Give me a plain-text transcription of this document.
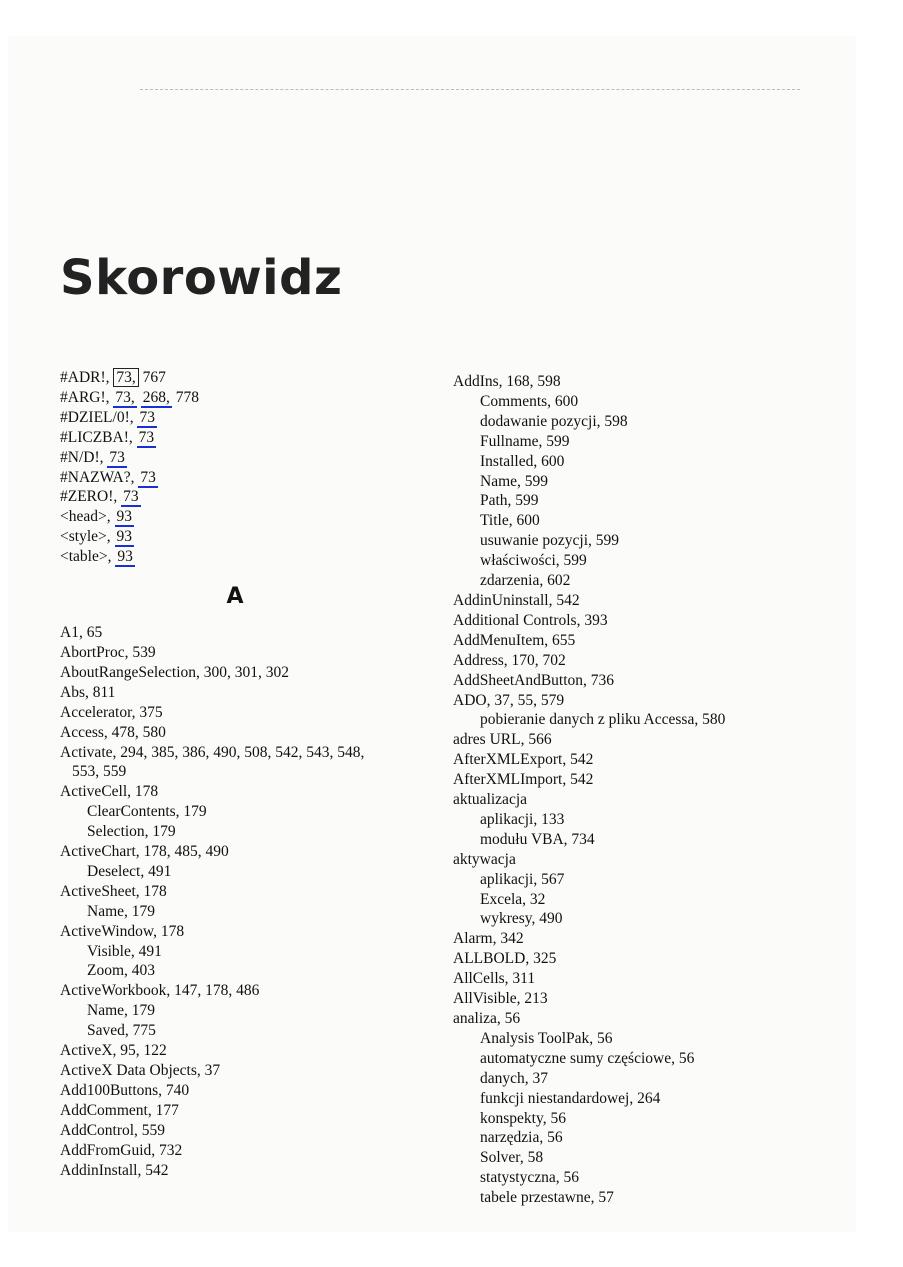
Skorowidz
#ADR!, 73, 767
#ARG!, 73, 268, 778
#DZIEL/0!, 73
#LICZBA!, 73
#N/D!, 73
#NAZWA?, 73
#ZERO!, 73
<head>, 93
<style>, 93
<table>, 93
A
A1, 65
AbortProc, 539
AboutRangeSelection, 300, 301, 302
Abs, 811
Accelerator, 375
Access, 478, 580
Activate, 294, 385, 386, 490, 508, 542, 543, 548,
553, 559
ActiveCell, 178
ClearContents, 179
Selection, 179
ActiveChart, 178, 485, 490
Deselect, 491
ActiveSheet, 178
Name, 179
ActiveWindow, 178
Visible, 491
Zoom, 403
ActiveWorkbook, 147, 178, 486
Name, 179
Saved, 775
ActiveX, 95, 122
ActiveX Data Objects, 37
Add100Buttons, 740
AddComment, 177
AddControl, 559
AddFromGuid, 732
AddinInstall, 542
AddIns, 168, 598
Comments, 600
dodawanie pozycji, 598
Fullname, 599
Installed, 600
Name, 599
Path, 599
Title, 600
usuwanie pozycji, 599
właściwości, 599
zdarzenia, 602
AddinUninstall, 542
Additional Controls, 393
AddMenuItem, 655
Address, 170, 702
AddSheetAndButton, 736
ADO, 37, 55, 579
pobieranie danych z pliku Accessa, 580
adres URL, 566
AfterXMLExport, 542
AfterXMLImport, 542
aktualizacja
aplikacji, 133
modułu VBA, 734
aktywacja
aplikacji, 567
Excela, 32
wykresy, 490
Alarm, 342
ALLBOLD, 325
AllCells, 311
AllVisible, 213
analiza, 56
Analysis ToolPak, 56
automatyczne sumy częściowe, 56
danych, 37
funkcji niestandardowej, 264
konspekty, 56
narzędzia, 56
Solver, 58
statystyczna, 56
tabele przestawne, 57
